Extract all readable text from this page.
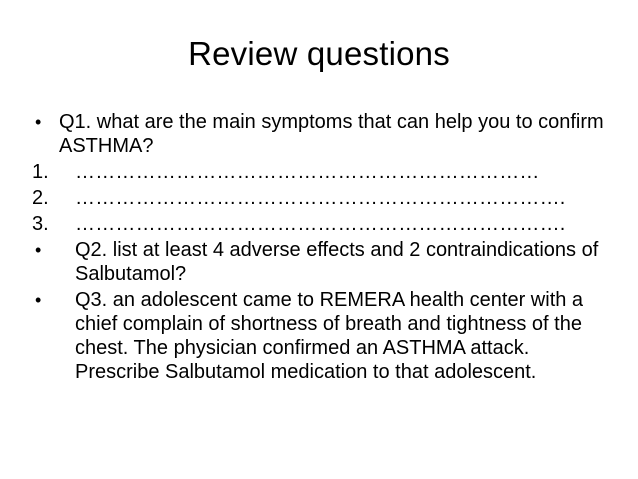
Review questions
• Q1. what are the main symptoms that can help you to confirm ASTHMA?
1.	……………………………………………………………
2.	……………………………………………………………….
3.	……………………………………………………………….
•	Q2. list at least 4 adverse effects and 2 contraindications of Salbutamol?
•	Q3. an adolescent came to REMERA health center with a chief complain of shortness of breath and tightness of the chest. The physician confirmed an ASTHMA attack. Prescribe Salbutamol medication to that adolescent.
